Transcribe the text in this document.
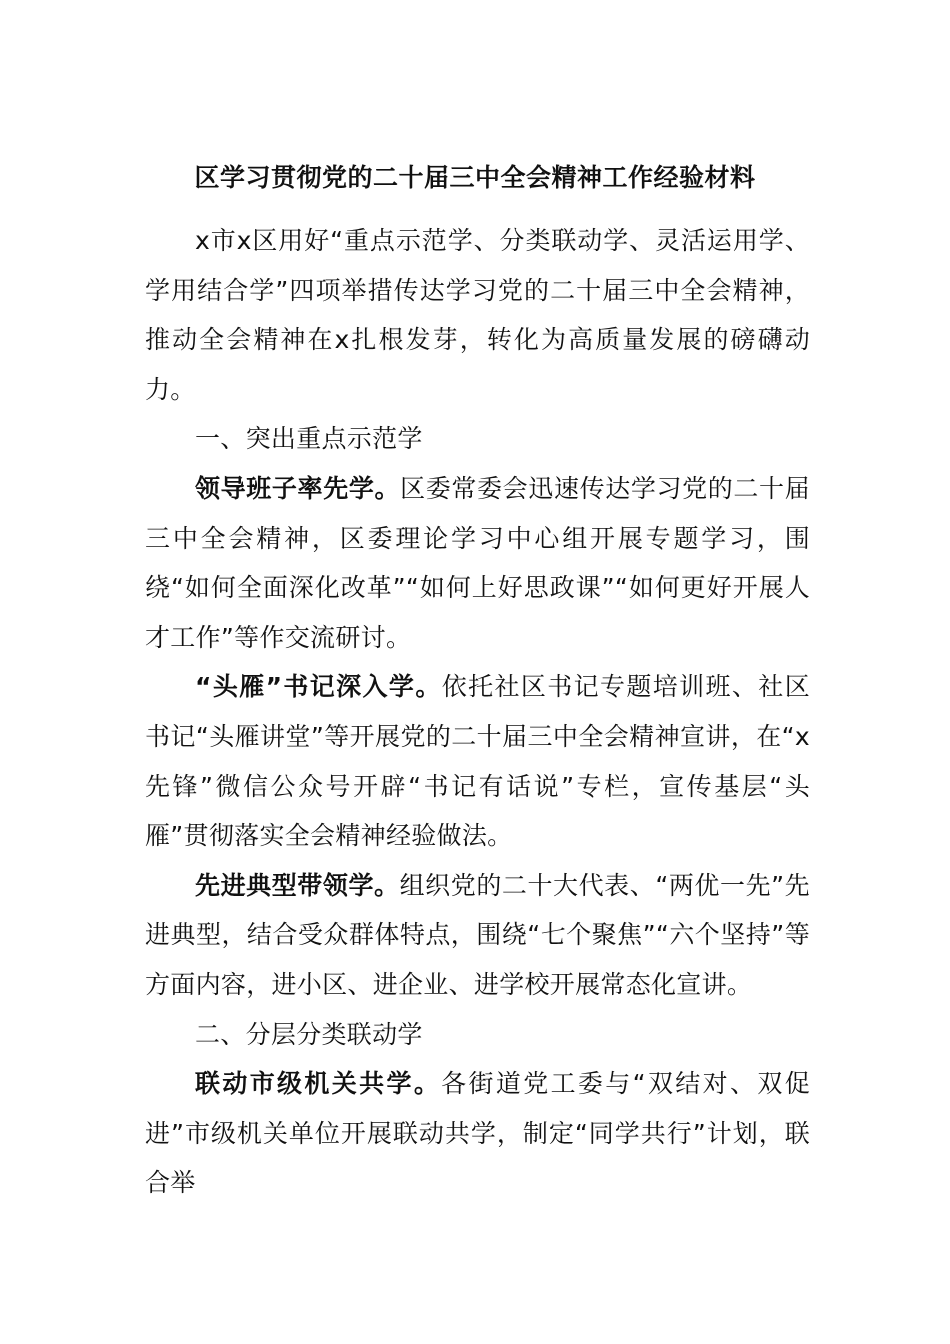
区学习贯彻党的二十届三中全会精神工作经验材料

x市x区用好“重点示范学、分类联动学、灵活运用学、学用结合学”四项举措传达学习党的二十届三中全会精神，推动全会精神在x扎根发芽，转化为高质量发展的磅礴动力。

一、突出重点示范学

领导班子率先学。区委常委会迅速传达学习党的二十届三中全会精神，区委理论学习中心组开展专题学习，围绕“如何全面深化改革”“如何上好思政课”“如何更好开展人才工作”等作交流研讨。

“头雁”书记深入学。依托社区书记专题培训班、社区书记“头雁讲堂”等开展党的二十届三中全会精神宣讲，在“x先锋”微信公众号开辟“书记有话说”专栏，宣传基层“头雁”贯彻落实全会精神经验做法。

先进典型带领学。组织党的二十大代表、“两优一先”先进典型，结合受众群体特点，围绕“七个聚焦”“六个坚持”等方面内容，进小区、进企业、进学校开展常态化宣讲。

二、分层分类联动学

联动市级机关共学。各街道党工委与“双结对、双促进”市级机关单位开展联动共学，制定“同学共行”计划，联合举
